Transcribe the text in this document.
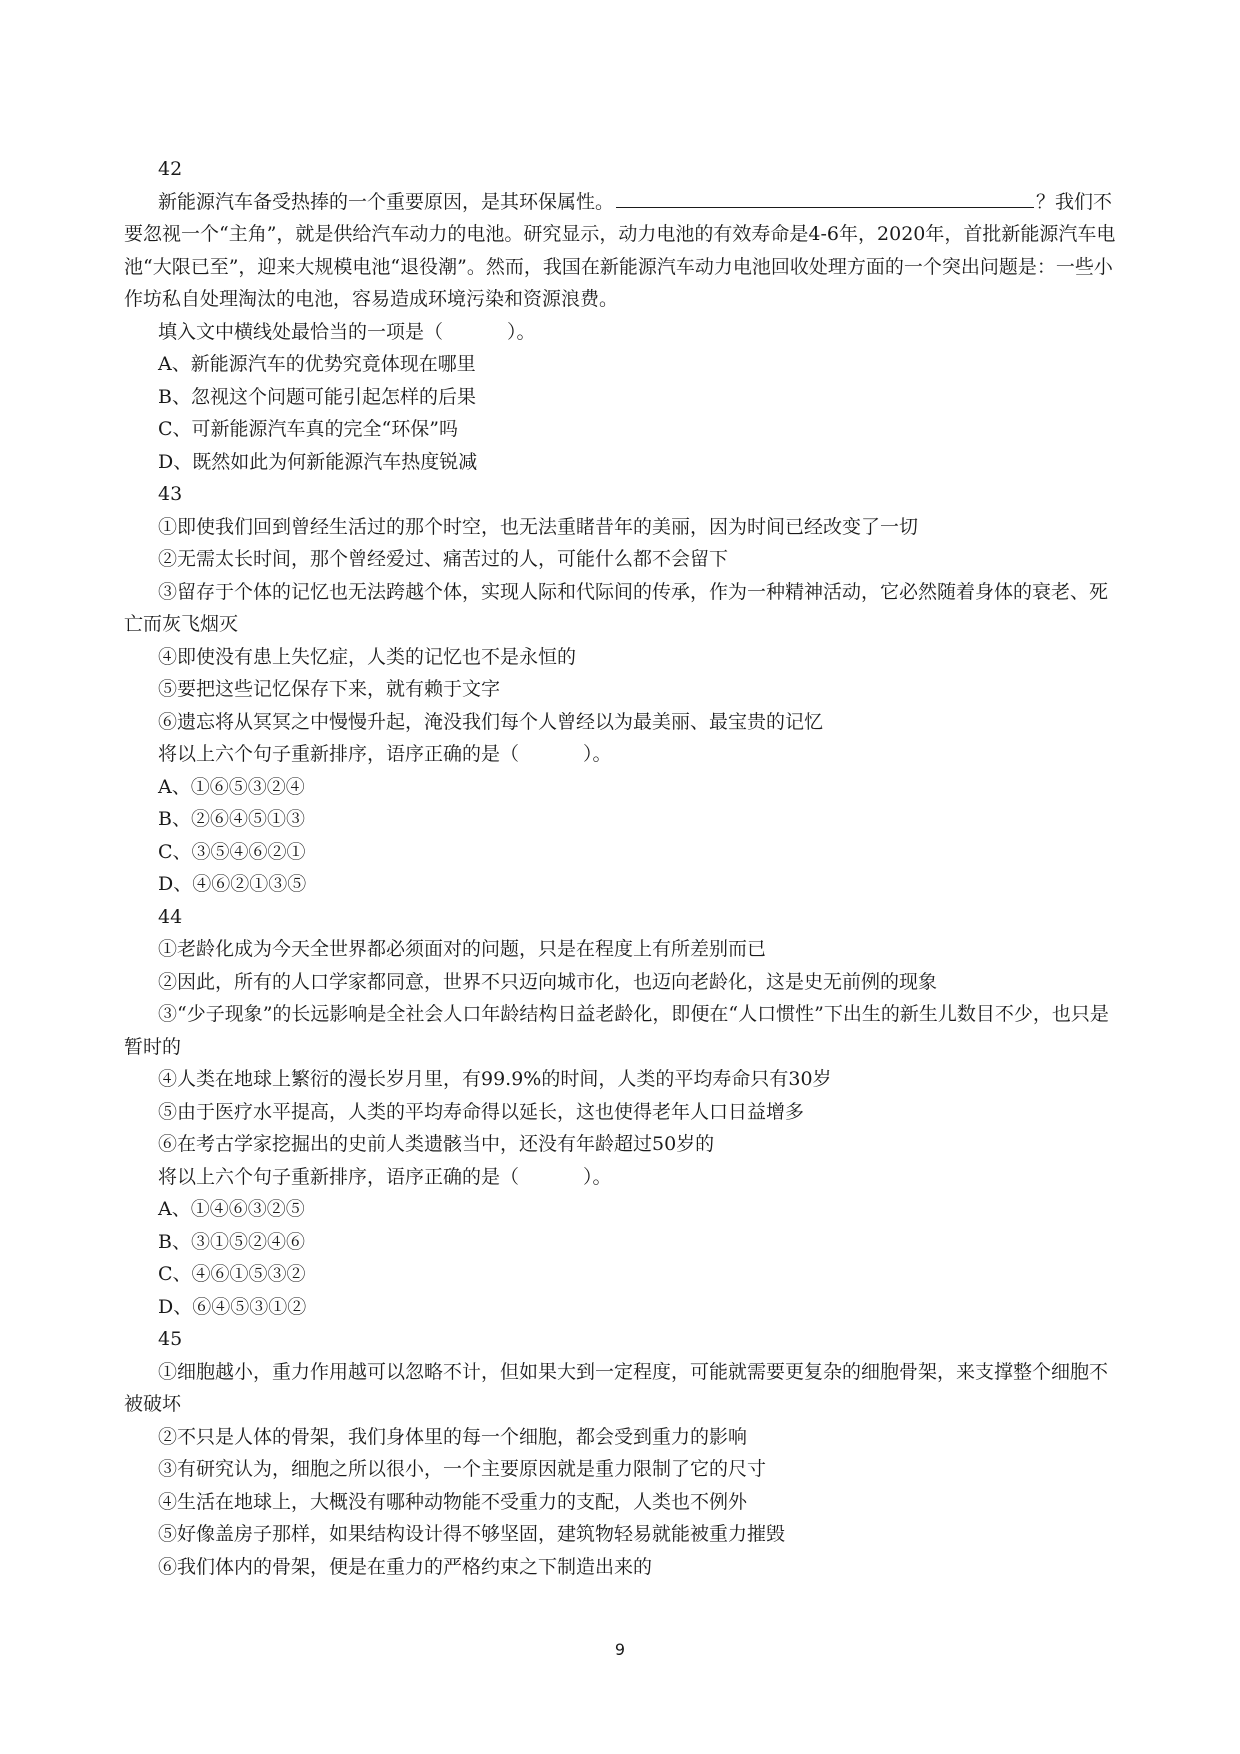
42

新能源汽车备受热捧的一个重要原因，是其环保属性。	？我们不要忽视一个“主角”，就是供给汽车动力的电池。研究显示，动力电池的有效寿命是4-6年，2020年，首批新能源汽车电池“大限已至”，迎来大规模电池“退役潮”。然而，我国在新能源汽车动力电池回收处理方面的一个突出问题是：一些小作坊私自处理淘汰的电池，容易造成环境污染和资源浪费。

填入文中横线处最恰当的一项是（	）。

A、新能源汽车的优势究竟体现在哪里

B、忽视这个问题可能引起怎样的后果

C、可新能源汽车真的完全“环保”吗

D、既然如此为何新能源汽车热度锐减

43

①即使我们回到曾经生活过的那个时空，也无法重睹昔年的美丽，因为时间已经改变了一切

②无需太长时间，那个曾经爱过、痛苦过的人，可能什么都不会留下

③留存于个体的记忆也无法跨越个体，实现人际和代际间的传承，作为一种精神活动，它必然随着身体的衰老、死亡而灰飞烟灭

④即使没有患上失忆症，人类的记忆也不是永恒的

⑤要把这些记忆保存下来，就有赖于文字

⑥遗忘将从冥冥之中慢慢升起，淹没我们每个人曾经以为最美丽、最宝贵的记忆

将以上六个句子重新排序，语序正确的是（	）。

A、①⑥⑤③②④

B、②⑥④⑤①③

C、③⑤④⑥②①

D、④⑥②①③⑤

44

①老龄化成为今天全世界都必须面对的问题，只是在程度上有所差别而已

②因此，所有的人口学家都同意，世界不只迈向城市化，也迈向老龄化，这是史无前例的现象

③“少子现象”的长远影响是全社会人口年龄结构日益老龄化，即便在“人口惯性”下出生的新生儿数目不少，也只是暂时的

④人类在地球上繁衍的漫长岁月里，有99.9%的时间，人类的平均寿命只有30岁

⑤由于医疗水平提高，人类的平均寿命得以延长，这也使得老年人口日益增多

⑥在考古学家挖掘出的史前人类遗骸当中，还没有年龄超过50岁的

将以上六个句子重新排序，语序正确的是（	）。

A、①④⑥③②⑤

B、③①⑤②④⑥

C、④⑥①⑤③②

D、⑥④⑤③①②

45

①细胞越小，重力作用越可以忽略不计，但如果大到一定程度，可能就需要更复杂的细胞骨架，来支撑整个细胞不被破坏

②不只是人体的骨架，我们身体里的每一个细胞，都会受到重力的影响

③有研究认为，细胞之所以很小，一个主要原因就是重力限制了它的尺寸

④生活在地球上，大概没有哪种动物能不受重力的支配，人类也不例外

⑤好像盖房子那样，如果结构设计得不够坚固，建筑物轻易就能被重力摧毁

⑥我们体内的骨架，便是在重力的严格约束之下制造出来的

9
